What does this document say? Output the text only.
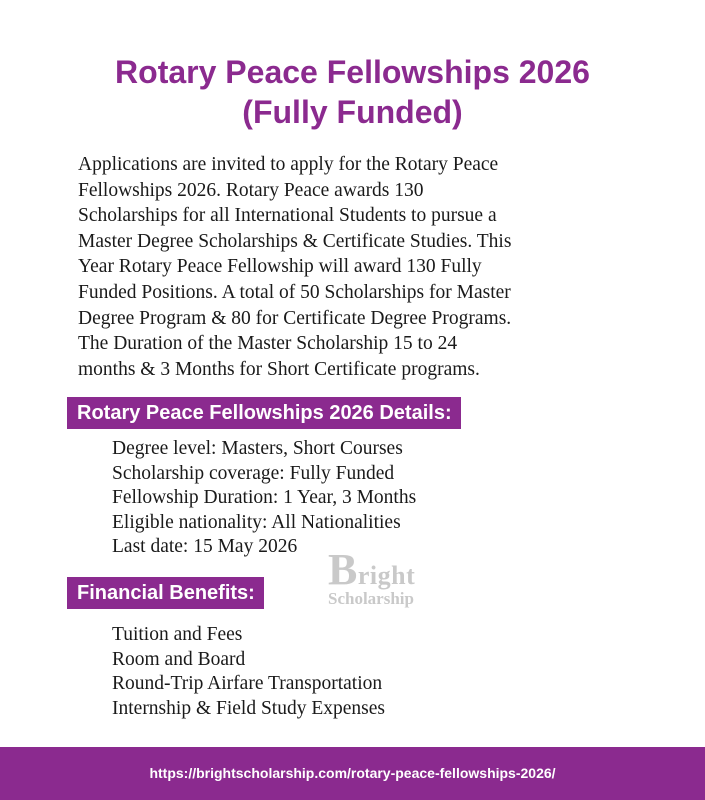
Rotary Peace Fellowships 2026
(Fully Funded)
Applications are invited to apply for the Rotary Peace
Fellowships 2026. Rotary Peace awards 130
Scholarships for all International Students to pursue a
Master Degree Scholarships & Certificate Studies. This
Year Rotary Peace Fellowship will award 130 Fully
Funded Positions. A total of 50 Scholarships for Master
Degree Program & 80 for Certificate Degree Programs.
The Duration of the Master Scholarship 15 to 24
months & 3 Months for Short Certificate programs.
Rotary Peace Fellowships 2026 Details:
Degree level: Masters, Short Courses
Scholarship coverage: Fully Funded
Fellowship Duration: 1 Year, 3 Months
Eligible nationality: All Nationalities
Last date: 15 May 2026 Bright
Scholarship
Financial Benefits:
Tuition and Fees
Room and Board
Round-Trip Airfare Transportation
Internship & Field Study Expenses
https://brightscholarship.com/rotary-peace-fellowships-2026/
